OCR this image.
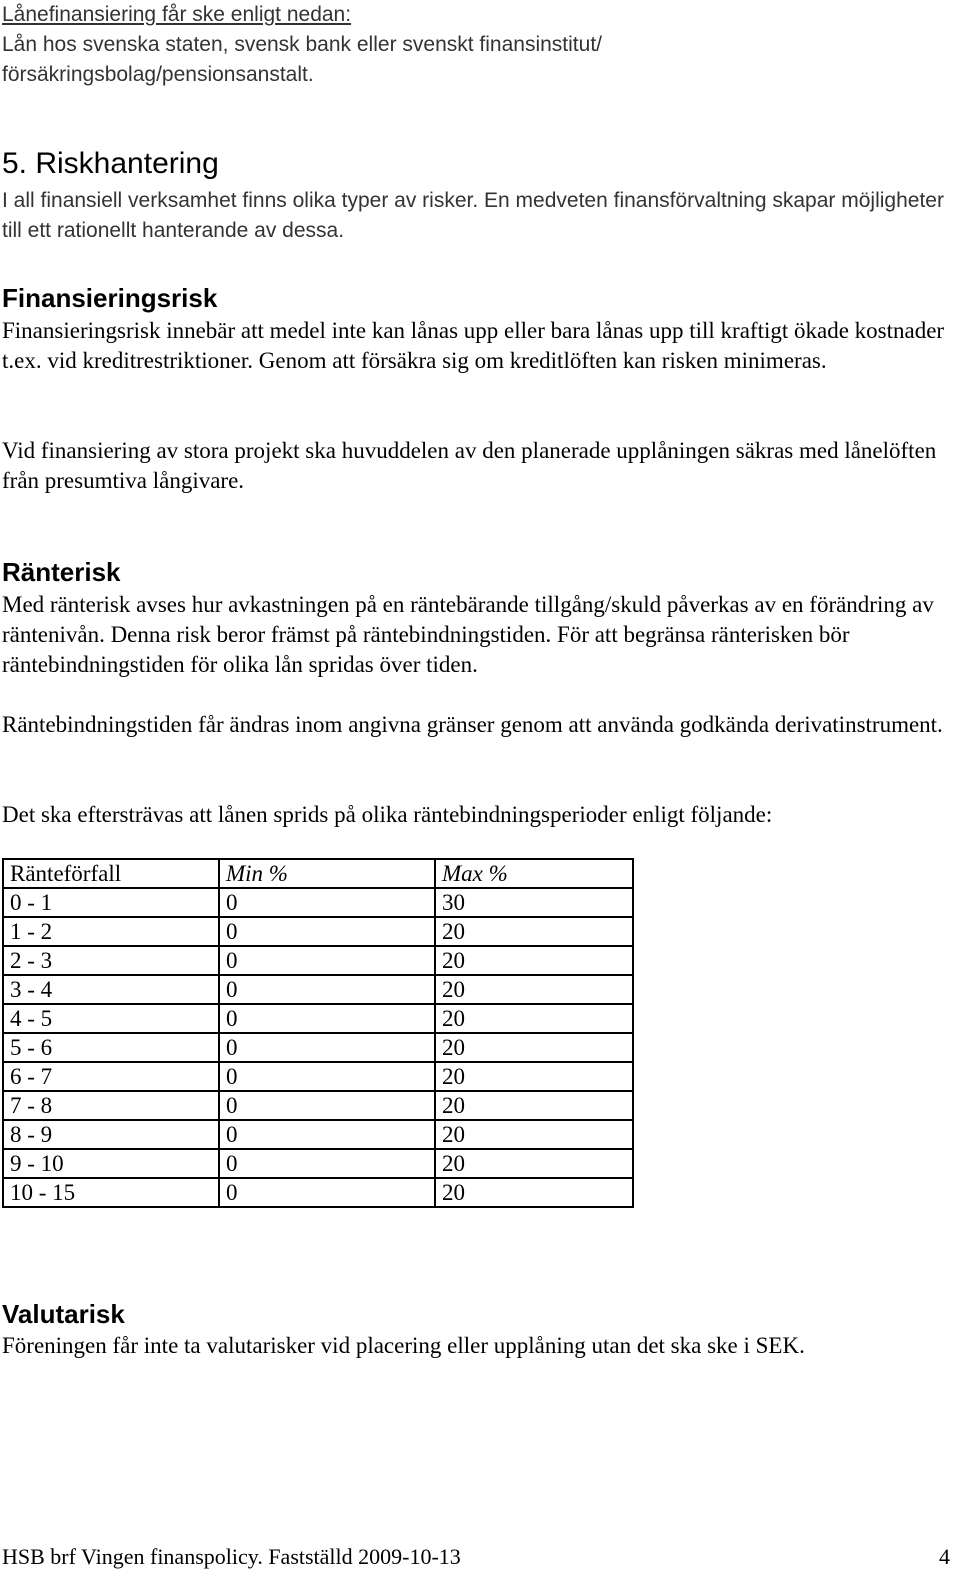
Lånefinansiering får ske enligt nedan:
Lån hos svenska staten, svensk bank eller svenskt finansinstitut/
försäkringsbolag/pensionsanstalt.
5. Riskhantering

I all finansiell verksamhet finns olika typer av risker. En medveten finansförvaltning skapar möjligheter till ett rationellt hanterande av dessa.

Finansieringsrisk

Finansieringsrisk innebär att medel inte kan lånas upp eller bara lånas upp till kraftigt ökade kostnader t.ex. vid kreditrestriktioner. Genom att försäkra sig om kreditlöften kan risken minimeras.

Vid finansiering av stora projekt ska huvuddelen av den planerade upplåningen säkras med lånelöften från presumtiva långivare.

Ränterisk

Med ränterisk avses hur avkastningen på en räntebärande tillgång/skuld påverkas av en förändring av räntenivån. Denna risk beror främst på räntebindningstiden. För att begränsa ränterisken bör räntebindningstiden för olika lån spridas över tiden.

Räntebindningstiden får ändras inom angivna gränser genom att använda godkända derivatinstrument.

Det ska eftersträvas att lånen sprids på olika räntebindningsperioder enligt följande:

Ränteförfall	Min %	Max %
0 - 1	0	30
1 - 2	0	20
2 - 3	0	20
3 - 4	0	20
4 - 5	0	20
5 - 6	0	20
6 - 7	0	20
7 - 8	0	20
8 - 9	0	20
9 - 10	0	20
10 - 15	0	20
Valutarisk

Föreningen får inte ta valutarisker vid placering eller upplåning utan det ska ske i SEK.

HSB brf Vingen finanspolicy. Fastställd 2009-10-13	4
